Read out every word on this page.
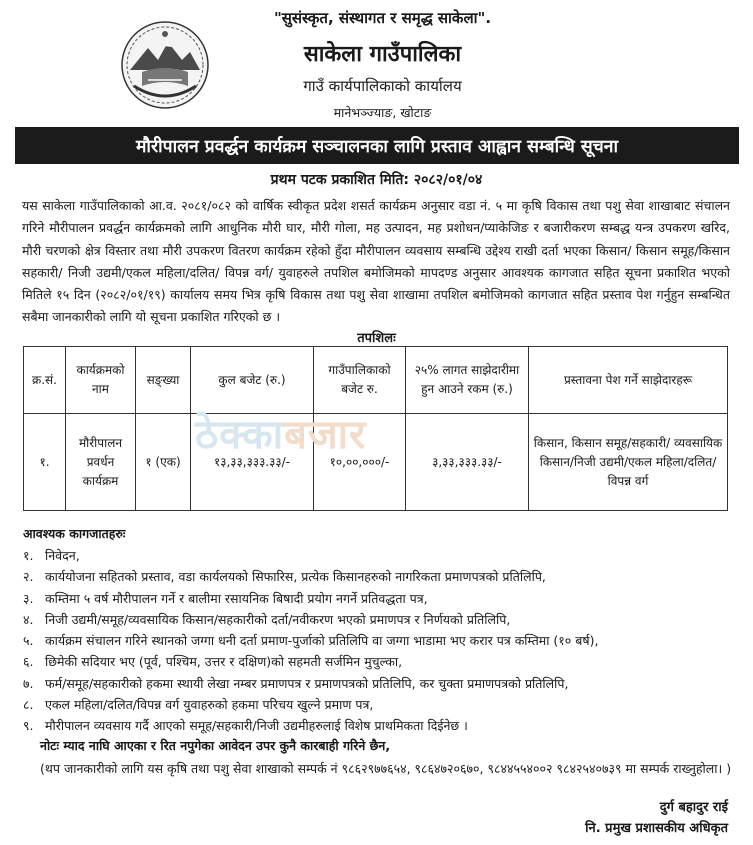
"सुसंस्कृत, संस्थागत र समृद्ध साकेला".
साकेला गाउँपालिका
गाउँ कार्यपालिकाको कार्यालय
मानेभञ्ज्याङ, खोटाङ
मौरीपालन प्रवर्द्धन कार्यक्रम सञ्चालनका लागि प्रस्ताव आह्वान सम्बन्धि सूचना
प्रथम पटक प्रकाशित मिति: २०८२/०१/०४
यस साकेला गाउँपालिकाको आ.व. २०८१/०८२ को वार्षिक स्वीकृत प्रदेश शसर्त कार्यक्रम अनुसार वडा नं. ५ मा कृषि विकास तथा पशु सेवा शाखाबाट संचालन गरिने मौरीपालन प्रवर्द्धन कार्यक्रमको लागि आधुनिक मौरी घार, मौरी गोला, मह उत्पादन, मह प्रशोधन/प्याकेजिङ र बजारीकरण सम्बद्ध यन्त्र उपकरण खरिद, मौरी चरणको क्षेत्र विस्तार तथा मौरी उपकरण वितरण कार्यक्रम रहेको हुँदा मौरीपालन व्यवसाय सम्बन्धि उद्देश्य राखी दर्ता भएका किसान/ किसान समूह/किसान सहकारी/ निजी उद्यमी/एकल महिला/दलित/ विपन्न वर्ग/ युवाहरुले तपशिल बमोजिमको मापदण्ड अनुसार आवश्यक कागजात सहित सूचना प्रकाशित भएको मितिले १५ दिन (२०८२/०१/१९) कार्यालय समय भित्र कृषि विकास तथा पशु सेवा शाखामा तपशिल बमोजिमको कागजात सहित प्रस्ताव पेश गर्नुहुन सम्बन्धित सबैमा जानकारीको लागि यो सूचना प्रकाशित गरिएको छ ।
तपशिलः
क्र.सं.	कार्यक्रमको नाम	सङ्ख्या	कुल बजेट (रु.)	गाउँपालिकाको बजेट रु.	२५% लागत साझेदारीमा हुन आउने रकम (रु.)	प्रस्तावना पेश गर्ने साझेदारहरू
१.	मौरीपालन प्रवर्धन कार्यक्रम	१ (एक)	१३,३३,३३३.३३/-	१०,००,०००/-	३,३३,३३३.३३/-	किसान, किसान समूह/सहकारी/ व्यवसायिक किसान/निजी उद्यमी/एकल महिला/दलित/विपन्न वर्ग
ठेक्काबजार
आवश्यक कागजातहरुः
१. निवेदन,
२. कार्ययोजना सहितको प्रस्ताव, वडा कार्यलयको सिफारिस, प्रत्येक किसानहरुको नागरिकता प्रमाणपत्रको प्रतिलिपि,
३. कम्तिमा ५ वर्ष मौरीपालन गर्ने र बालीमा रसायनिक बिषादी प्रयोग नगर्ने प्रतिवद्धता पत्र,
४. निजी उद्यमी/समूह/व्यवसायिक किसान/सहकारीको दर्ता/नवीकरण भएको प्रमाणपत्र र निर्णयको प्रतिलिपि,
५. कार्यक्रम संचालन गरिने स्थानको जग्गा धनी दर्ता प्रमाण-पुर्जाको प्रतिलिपि वा जग्गा भाडामा भए करार पत्र कम्तिमा (१० बर्ष),
६. छिमेकी सदियार भए (पूर्व, पश्चिम, उत्तर र दक्षिण)को सहमती सर्जमिन मुचुल्का,
७. फर्म/समूह/सहकारीको हकमा स्थायी लेखा नम्बर प्रमाणपत्र र प्रमाणपत्रको प्रतिलिपि, कर चुक्ता प्रमाणपत्रको प्रतिलिपि,
८. एकल महिला/दलित/विपन्न वर्ग युवाहरुको हकमा परिचय खुल्ने प्रमाण पत्र,
९. मौरीपालन व्यवसाय गर्दै आएको समूह/सहकारी/निजी उद्यमीहरुलाई विशेष प्राथमिकता दिईनेछ ।
नोटः म्याद नाघि आएका र रित नपुगेका आवेदन उपर कुनै कारबाही गरिने छैन,
(थप जानकारीको लागि यस कृषि तथा पशु सेवा शाखाको सम्पर्क नं ९८६२९७७६५४, ९८६४७२०६७०, ९८४४५५४००२ ९८४२५४०७३९ मा सम्पर्क राख्नुहोला। )
दुर्ग बहादुर राई
नि. प्रमुख प्रशासकीय अधिकृत
